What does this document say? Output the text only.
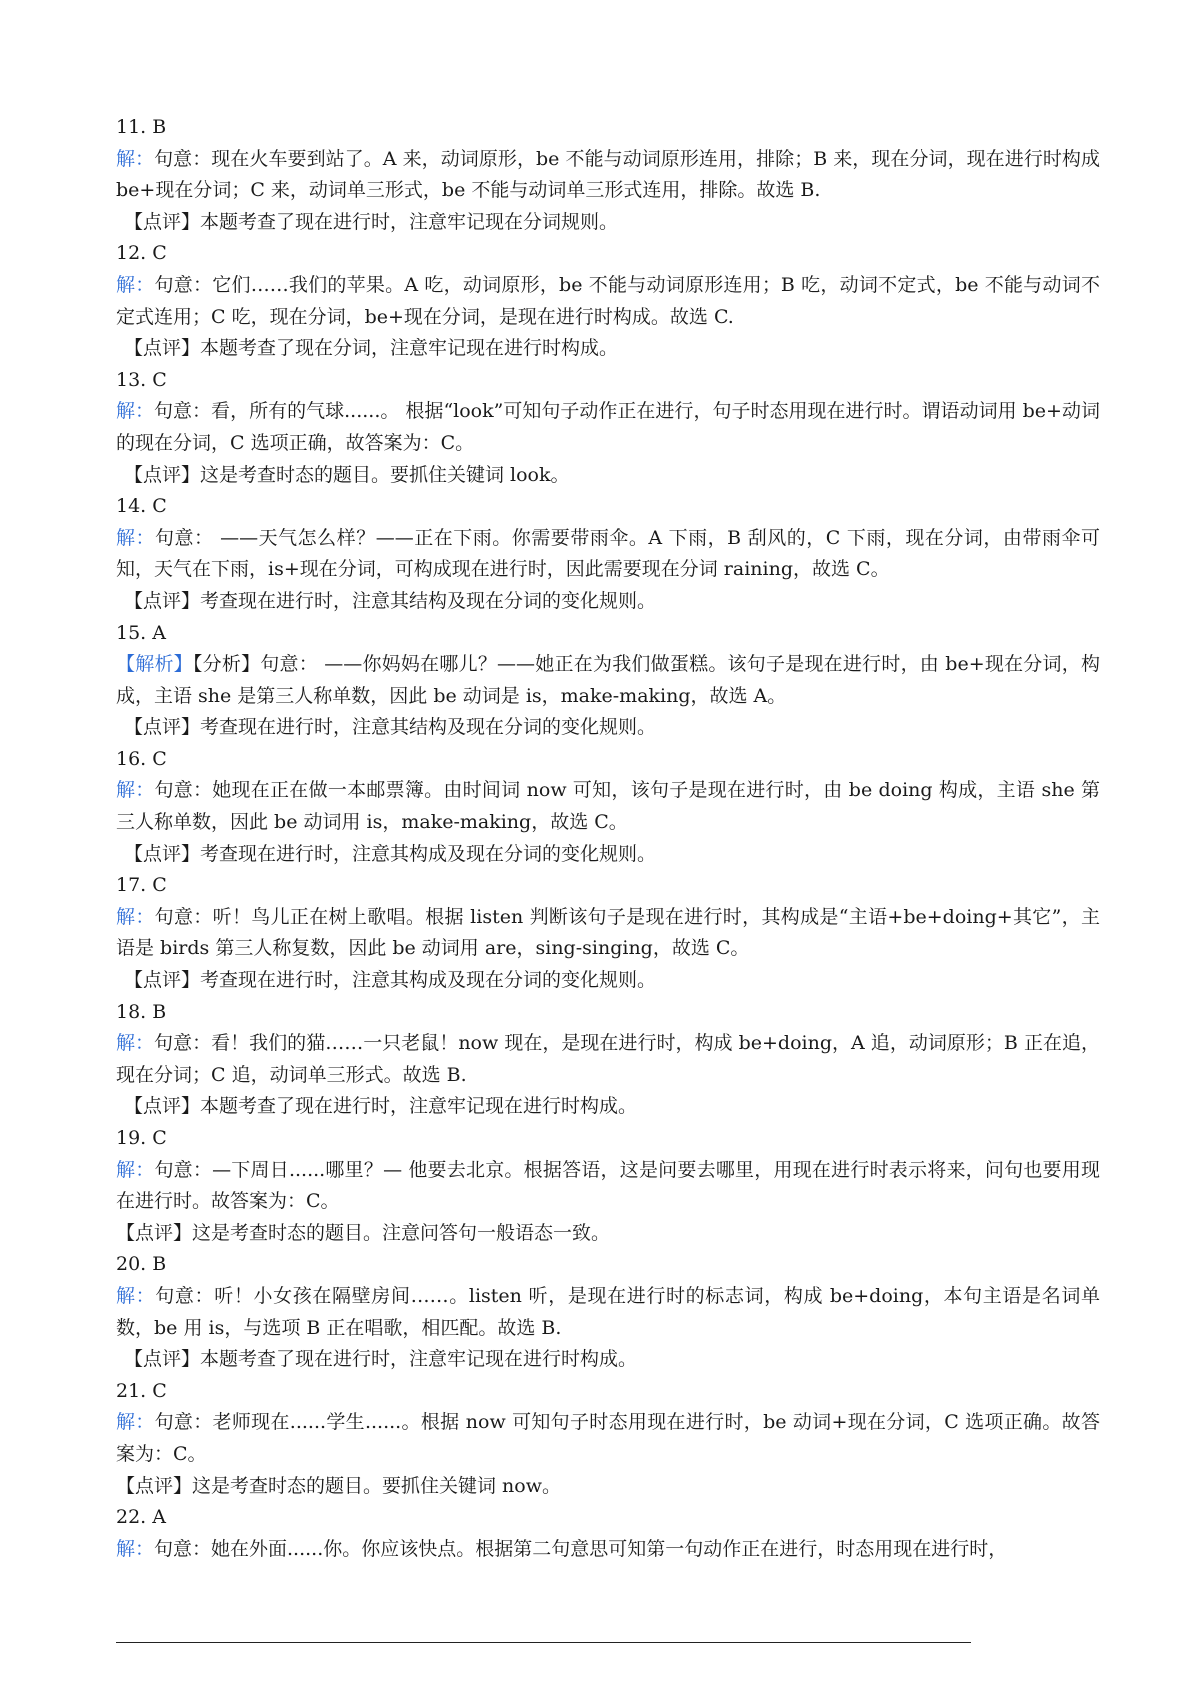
11. B
解：句意：现在火车要到站了。A 来，动词原形，be 不能与动词原形连用，排除；B 来，现在分词，现在进行时构成 be+现在分词；C 来，动词单三形式，be 不能与动词单三形式连用，排除。故选 B.
【点评】本题考查了现在进行时，注意牢记现在分词规则。
12. C
解：句意：它们……我们的苹果。A 吃，动词原形，be 不能与动词原形连用；B 吃，动词不定式，be 不能与动词不定式连用；C 吃，现在分词，be+现在分词，是现在进行时构成。故选 C.
【点评】本题考查了现在分词，注意牢记现在进行时构成。
13. C
解：句意：看，所有的气球......。 根据“look”可知句子动作正在进行，句子时态用现在进行时。谓语动词用 be+动词的现在分词，C 选项正确，故答案为：C。
【点评】这是考查时态的题目。要抓住关键词 look。
14. C
解：句意： ——天气怎么样？——正在下雨。你需要带雨伞。A 下雨，B 刮风的，C 下雨，现在分词，由带雨伞可知，天气在下雨，is+现在分词，可构成现在进行时，因此需要现在分词 raining，故选 C。
【点评】考查现在进行时，注意其结构及现在分词的变化规则。
15. A
【解析】【分析】句意： ——你妈妈在哪儿？——她正在为我们做蛋糕。该句子是现在进行时，由 be+现在分词，构成，主语 she 是第三人称单数，因此 be 动词是 is，make-making，故选 A。
【点评】考查现在进行时，注意其结构及现在分词的变化规则。
16. C
解：句意：她现在正在做一本邮票簿。由时间词 now 可知，该句子是现在进行时，由 be doing 构成，主语 she 第三人称单数，因此 be 动词用 is，make-making，故选 C。
【点评】考查现在进行时，注意其构成及现在分词的变化规则。
17. C
解：句意：听！鸟儿正在树上歌唱。根据 listen 判断该句子是现在进行时，其构成是“主语+be+doing+其它”，主语是 birds 第三人称复数，因此 be 动词用 are，sing-singing，故选 C。
【点评】考查现在进行时，注意其构成及现在分词的变化规则。
18. B
解：句意：看！我们的猫……一只老鼠！now 现在，是现在进行时，构成 be+doing，A 追，动词原形；B 正在追，现在分词；C 追，动词单三形式。故选 B.
【点评】本题考查了现在进行时，注意牢记现在进行时构成。
19. C
解：句意：—下周日......哪里？— 他要去北京。根据答语，这是问要去哪里，用现在进行时表示将来，问句也要用现在进行时。故答案为：C。
【点评】这是考查时态的题目。注意问答句一般语态一致。
20. B
解：句意：听！小女孩在隔壁房间……。listen 听，是现在进行时的标志词，构成 be+doing，本句主语是名词单数，be 用 is，与选项 B 正在唱歌，相匹配。故选 B.
【点评】本题考查了现在进行时，注意牢记现在进行时构成。
21. C
解：句意：老师现在......学生......。根据 now 可知句子时态用现在进行时，be 动词+现在分词，C 选项正确。故答案为：C。
【点评】这是考查时态的题目。要抓住关键词 now。
22. A
解：句意：她在外面......你。你应该快点。根据第二句意思可知第一句动作正在进行，时态用现在进行时，
